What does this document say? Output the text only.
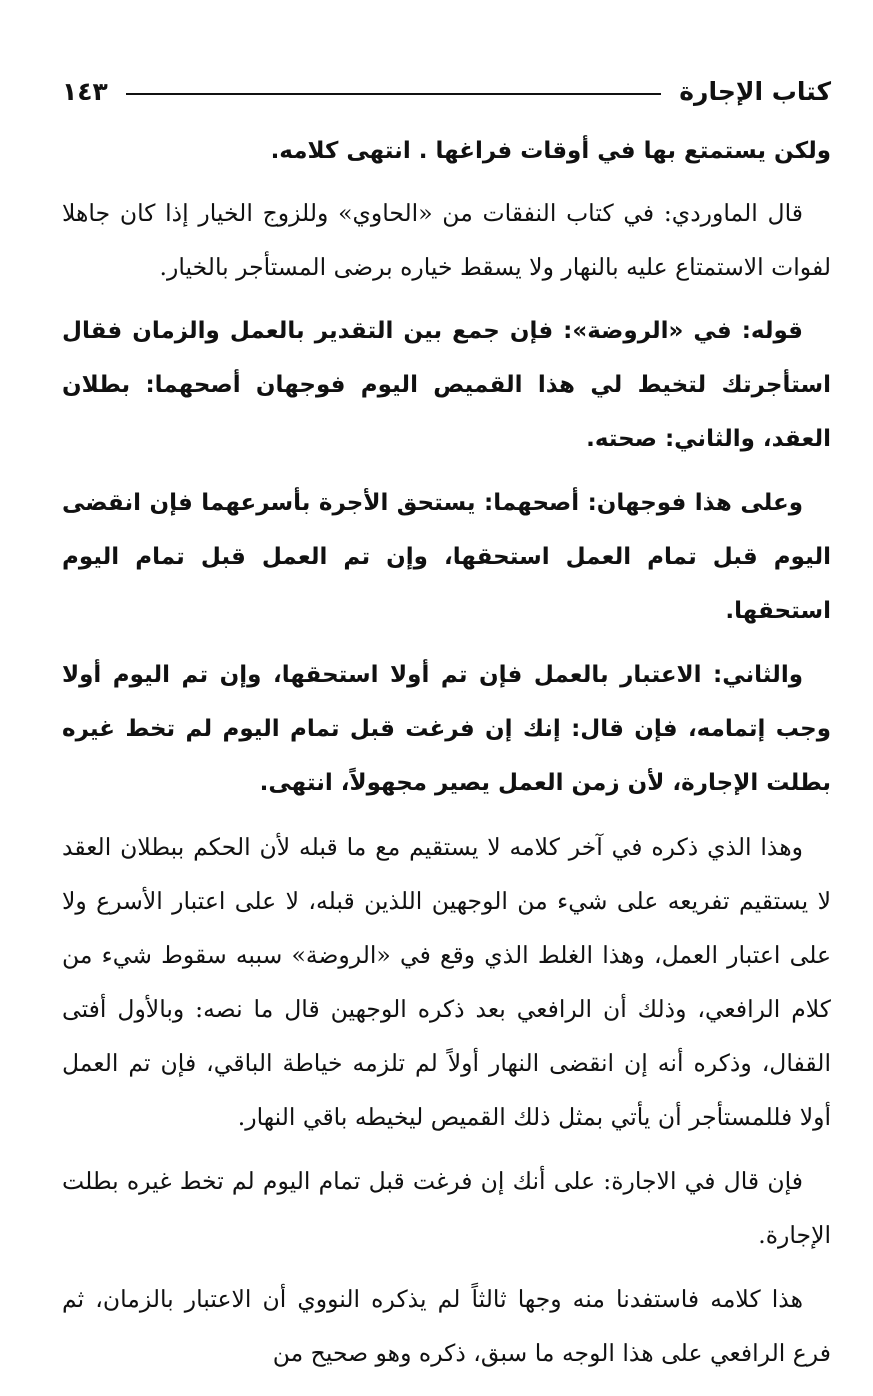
كتاب الإجارة
١٤٣

ولكن يستمتع بها في أوقات فراغها . انتهى كلامه.

قال الماوردي: في كتاب النفقات من «الحاوي» وللزوج الخيار إذا كان جاهلا لفوات الاستمتاع عليه بالنهار ولا يسقط خياره برضى المستأجر بالخيار.

قوله: في «الروضة»: فإن جمع بين التقدير بالعمل والزمان فقال استأجرتك لتخيط لي هذا القميص اليوم فوجهان أصحهما: بطلان العقد، والثاني: صحته.

وعلى هذا فوجهان: أصحهما: يستحق الأجرة بأسرعهما فإن انقضى اليوم قبل تمام العمل استحقها، وإن تم العمل قبل تمام اليوم استحقها.

والثاني: الاعتبار بالعمل فإن تم أولا استحقها، وإن تم اليوم أولا وجب إتمامه، فإن قال: إنك إن فرغت قبل تمام اليوم لم تخط غيره بطلت الإجارة، لأن زمن العمل يصير مجهولاً، انتهى.

وهذا الذي ذكره في آخر كلامه لا يستقيم مع ما قبله لأن الحكم ببطلان العقد لا يستقيم تفريعه على شيء من الوجهين اللذين قبله، لا على اعتبار الأسرع ولا على اعتبار العمل، وهذا الغلط الذي وقع في «الروضة» سببه سقوط شيء من كلام الرافعي، وذلك أن الرافعي بعد ذكره الوجهين قال ما نصه: وبالأول أفتى القفال، وذكره أنه إن انقضى النهار أولاً لم تلزمه خياطة الباقي، فإن تم العمل أولا فللمستأجر أن يأتي بمثل ذلك القميص ليخيطه باقي النهار.

فإن قال في الاجارة: على أنك إن فرغت قبل تمام اليوم لم تخط غيره بطلت الإجارة.

هذا كلامه فاستفدنا منه وجها ثالثاً لم يذكره النووي أن الاعتبار بالزمان، ثم فرع الرافعي على هذا الوجه ما سبق، ذكره وهو صحيح من
